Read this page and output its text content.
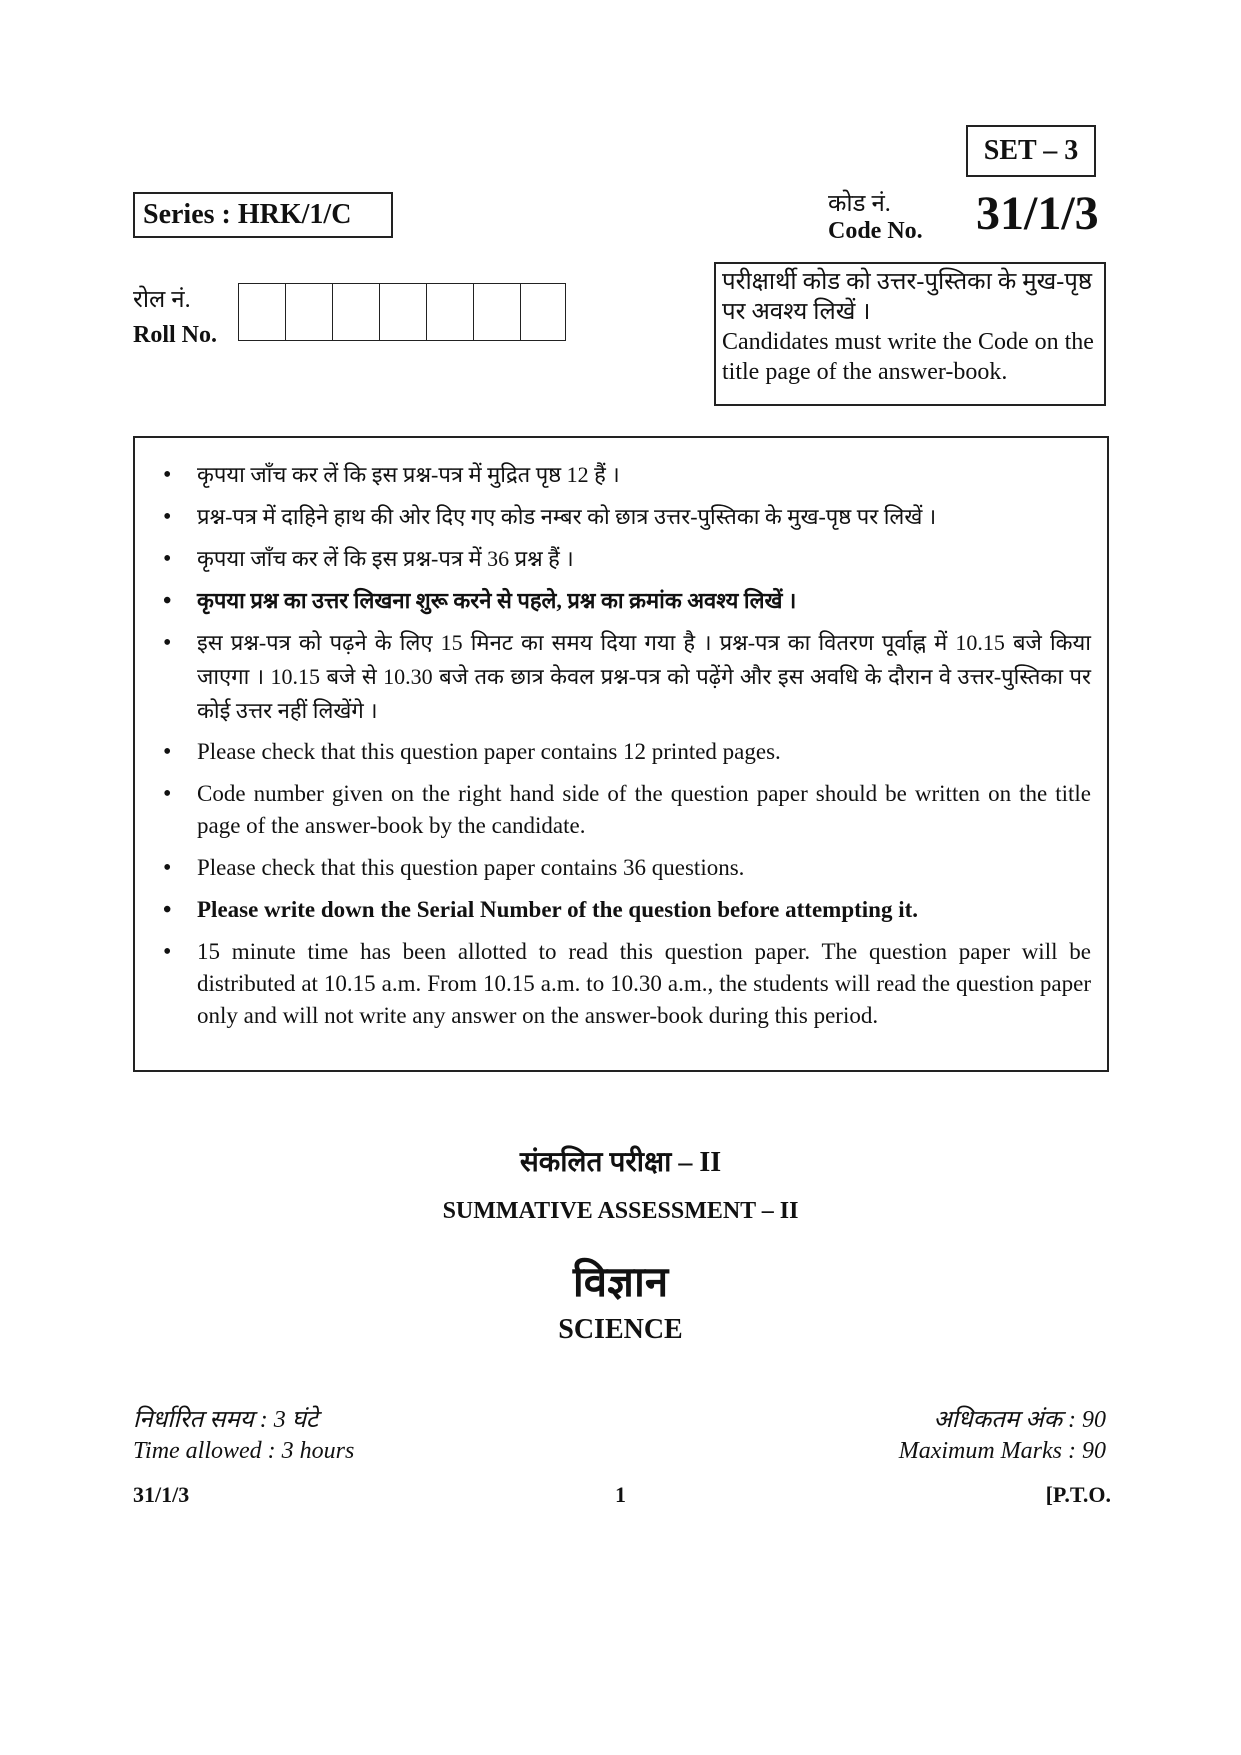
SET – 3
Series : HRK/1/C	कोड नं.
Code No. 31/1/3
रोल नं.
Roll No.
परीक्षार्थी कोड को उत्तर-पुस्तिका के मुख-पृष्ठ
पर अवश्य लिखें ।
Candidates must write the Code on the title page of the answer-book.
• कृपया जाँच कर लें कि इस प्रश्न-पत्र में मुद्रित पृष्ठ 12 हैं ।
• प्रश्न-पत्र में दाहिने हाथ की ओर दिए गए कोड नम्बर को छात्र उत्तर-पुस्तिका के मुख-पृष्ठ पर लिखें ।
• कृपया जाँच कर लें कि इस प्रश्न-पत्र में 36 प्रश्न हैं ।
• कृपया प्रश्न का उत्तर लिखना शुरू करने से पहले, प्रश्न का क्रमांक अवश्य लिखें ।
• इस प्रश्न-पत्र को पढ़ने के लिए 15 मिनट का समय दिया गया है । प्रश्न-पत्र का वितरण पूर्वाह्न में 10.15 बजे किया जाएगा । 10.15 बजे से 10.30 बजे तक छात्र केवल प्रश्न-पत्र को पढ़ेंगे और इस अवधि के दौरान वे उत्तर-पुस्तिका पर कोई उत्तर नहीं लिखेंगे ।
• Please check that this question paper contains 12 printed pages.
• Code number given on the right hand side of the question paper should be written on the title page of the answer-book by the candidate.
• Please check that this question paper contains 36 questions.
• Please write down the Serial Number of the question before attempting it.
• 15 minute time has been allotted to read this question paper. The question paper will be distributed at 10.15 a.m. From 10.15 a.m. to 10.30 a.m., the students will read the question paper only and will not write any answer on the answer-book during this period.
संकलित परीक्षा – II
SUMMATIVE ASSESSMENT – II
विज्ञान
SCIENCE
निर्धारित समय : 3 घंटे
Time allowed : 3 hours
अधिकतम अंक : 90
Maximum Marks : 90
31/1/3	1	[P.T.O.
